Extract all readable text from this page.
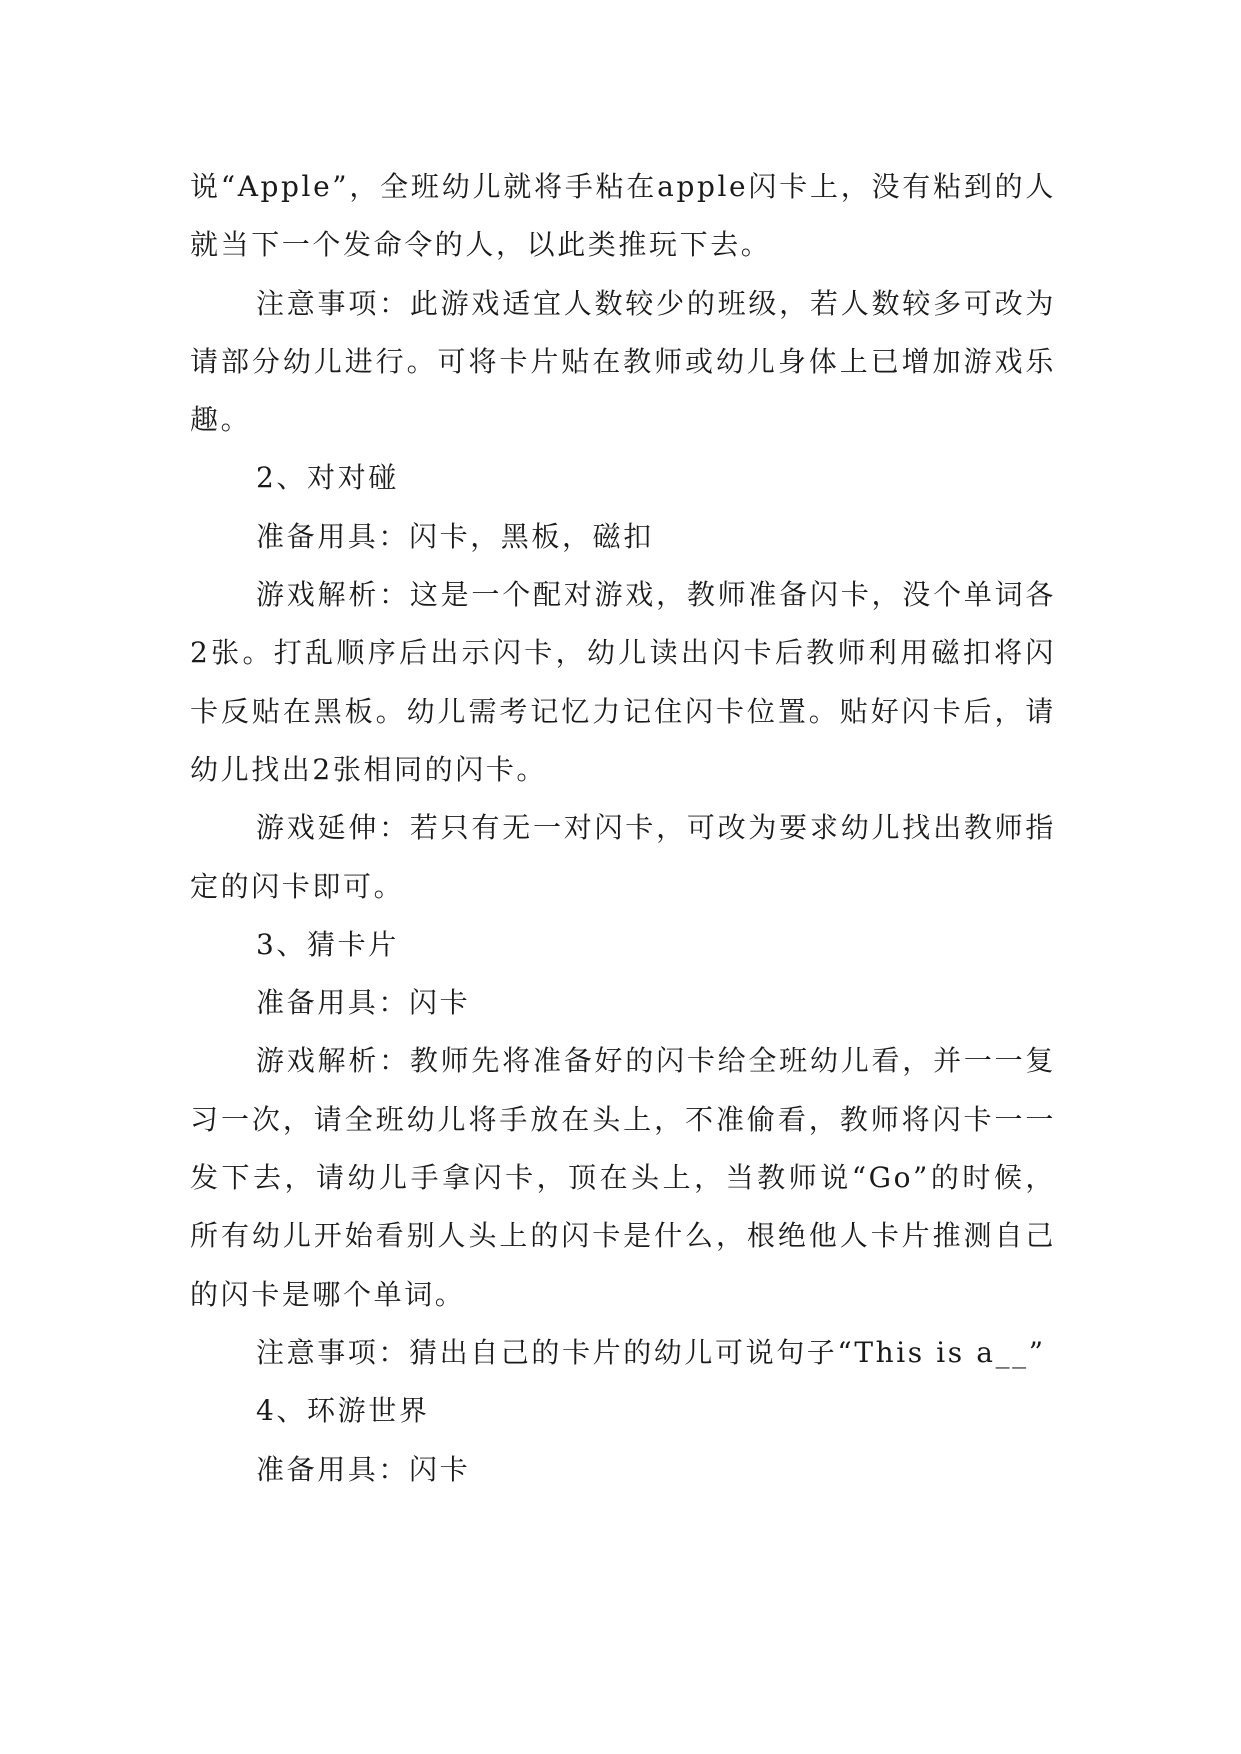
说“Apple”，全班幼儿就将手粘在apple闪卡上，没有粘到的人就当下一个发命令的人，以此类推玩下去。

注意事项：此游戏适宜人数较少的班级，若人数较多可改为请部分幼儿进行。可将卡片贴在教师或幼儿身体上已增加游戏乐趣。

2、对对碰

准备用具：闪卡，黑板，磁扣

游戏解析：这是一个配对游戏，教师准备闪卡，没个单词各2张。打乱顺序后出示闪卡，幼儿读出闪卡后教师利用磁扣将闪卡反贴在黑板。幼儿需考记忆力记住闪卡位置。贴好闪卡后，请幼儿找出2张相同的闪卡。

游戏延伸：若只有无一对闪卡，可改为要求幼儿找出教师指定的闪卡即可。

3、猜卡片

准备用具：闪卡

游戏解析：教师先将准备好的闪卡给全班幼儿看，并一一复习一次，请全班幼儿将手放在头上，不准偷看，教师将闪卡一一发下去，请幼儿手拿闪卡，顶在头上，当教师说“Go”的时候，所有幼儿开始看别人头上的闪卡是什么，根绝他人卡片推测自己的闪卡是哪个单词。

注意事项：猜出自己的卡片的幼儿可说句子“This is a__”

4、环游世界

准备用具：闪卡
